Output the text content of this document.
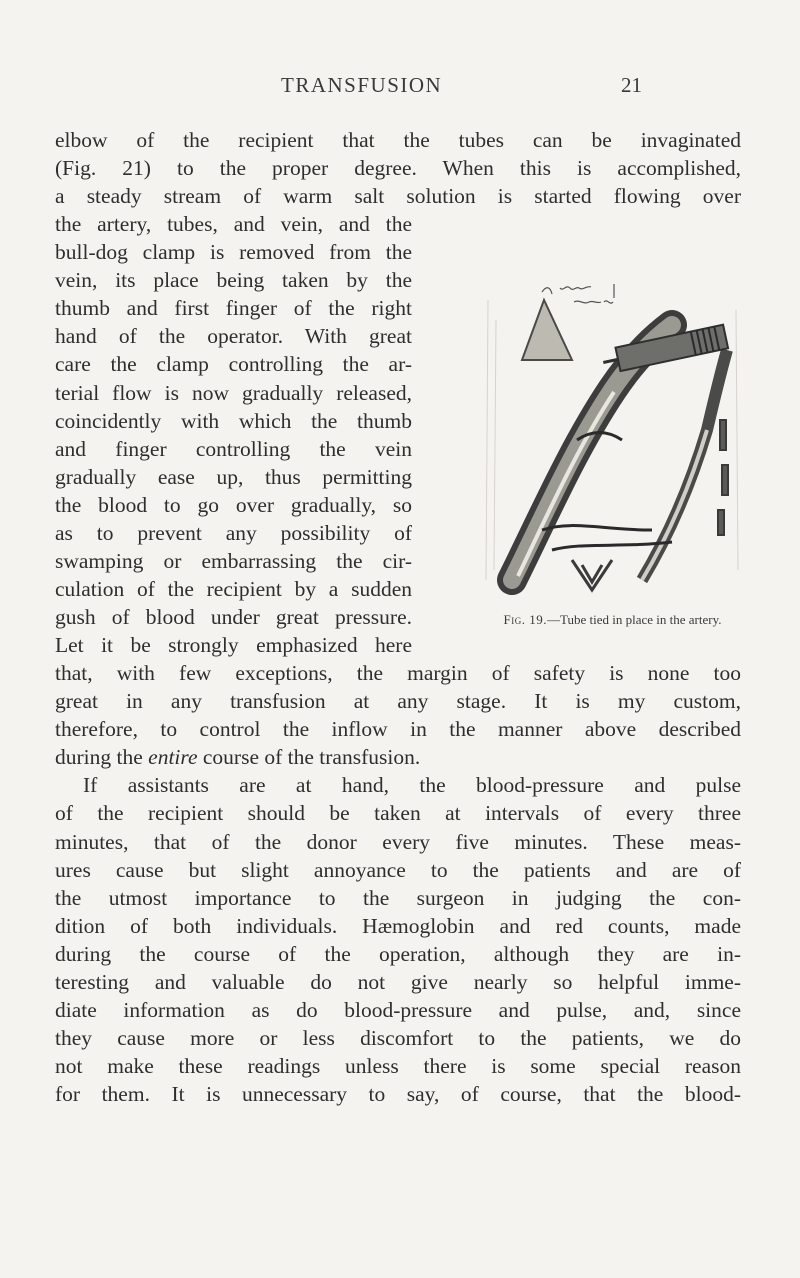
TRANSFUSION	21
elbow of the recipient that the tubes can be invaginated
(Fig. 21) to the proper degree. When this is accomplished,
a steady stream of warm salt solution is started flowing over
the artery, tubes, and vein, and the
bull-dog clamp is removed from the
vein, its place being taken by the
thumb and first finger of the right
hand of the operator. With great
care the clamp controlling the ar-
terial flow is now gradually released,
coincidently with which the thumb
and finger controlling the vein
gradually ease up, thus permitting
the blood to go over gradually, so
as to prevent any possibility of
swamping or embarrassing the cir-
culation of the recipient by a sudden
gush of blood under great pressure.
Let it be strongly emphasized here
Fig. 19.—Tube tied in place in the artery.
that, with few exceptions, the margin of safety is none too
great in any transfusion at any stage. It is my custom,
therefore, to control the inflow in the manner above described
during the entire course of the transfusion.
If assistants are at hand, the blood-pressure and pulse
of the recipient should be taken at intervals of every three
minutes, that of the donor every five minutes. These meas-
ures cause but slight annoyance to the patients and are of
the utmost importance to the surgeon in judging the con-
dition of both individuals. Hæmoglobin and red counts, made
during the course of the operation, although they are in-
teresting and valuable do not give nearly so helpful imme-
diate information as do blood-pressure and pulse, and, since
they cause more or less discomfort to the patients, we do
not make these readings unless there is some special reason
for them. It is unnecessary to say, of course, that the blood-
